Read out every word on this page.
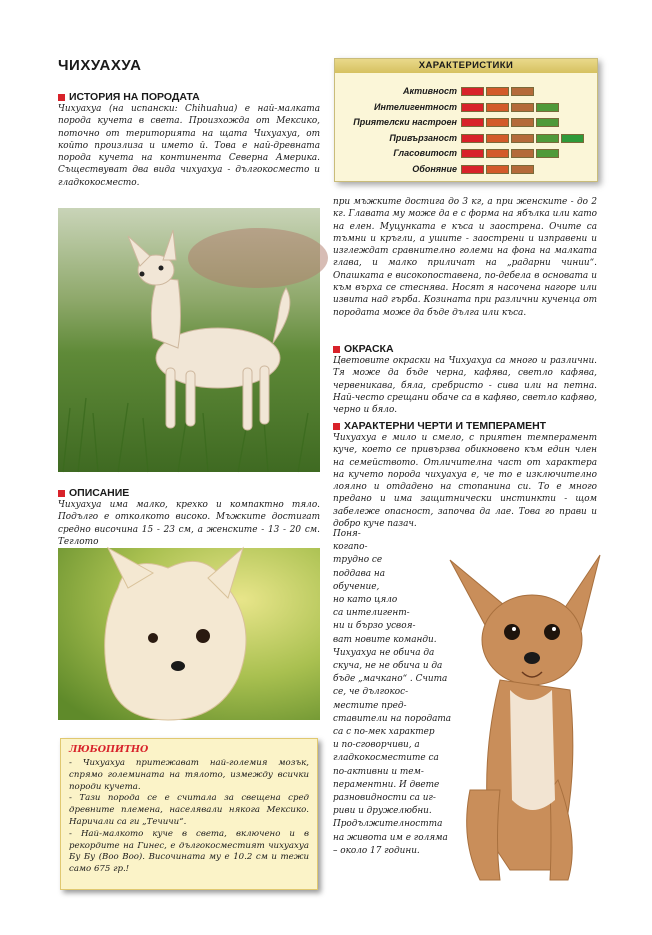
ЧИХУАХУА
ИСТОРИЯ НА ПОРОДАТА
Чихуахуа (на испански: Chihuahua) е най-малката порода кучета в света. Произхожда от Мексико, поточно от територията на щата Чихуахуа, от който произлиза и името й. Това е най-древната порода кучета на континента Северна Америка. Съществуват два вида чихуахуа - дългокосместо и гладкокосместо.
ХАРАКТЕРИСТИКИ
Активност
Интелигентност
Приятелски настроен
Привързаност
Гласовитост
Обоняние
ОПИСАНИЕ
Чихуахуа има малко, крехко и компактно тяло. Подълго е отколкото високо. Мъжките достигат средно височина 15 - 23 см, а женските - 13 - 20 см. Теглото
ЛЮБОПИТНО
- Чихуахуа притежават най-големия мозък, спрямо големината на тялото, измежду всички породи кучета.
- Тази порода се е считала за свещена сред древните племена, населявали някога Мексико. Наричали са ги „Течичи“.
- Най-малкото куче в света, включено и в рекордите на Гинес, е дългокосместият чихуахуа Бу Бу (Boo Boo). Височината му е 10.2 см и тежи само 675 гр.!
при мъжките достига до 3 кг, а при женските - до 2 кг. Главата му може да е с форма на ябълка или като на елен. Муцунката е къса и заострена. Очите са тъмни и кръгли, а ушите - заострени и изправени и изглеждат сравнително големи на фона на малката глава, и малко приличат на „радарни чинии“. Опашката е високопоставена, по-дебела в основата и към върха се стеснява. Носят я насочена нагоре или извита над гърба. Козината при различни кученца от породата може да бъде дълга или къса.
ОКРАСКА
Цветовите окраски на Чихуахуа са много и различни. Тя може да бъде черна, кафява, светло кафява, червеникава, бяла, сребристо - сива или на петна. Най-често срещани обаче са в кафяво, светло кафяво, черно и бяло.
ХАРАКТЕРНИ ЧЕРТИ И ТЕМПЕРАМЕНТ
Чихуахуа е мило и смело, с приятен темперамент куче, което се привързва обикновено към един член на семейството. Отличителна част от характера на кучето порода чихуахуа е, че то е изключително лоялно и отдадено на стопанина си. То е много предано и има защитнически инстинкти - щом забележе опасност, започва да лае. Това го прави и добро куче пазач.
Поня-
когапо-
трудно се
поддава на
обучение,
но като цяло
са интелигент-
ни и бързо усвоя-
ват новите команди.
Чихуахуа не обича да
скуча, не не обича и да
бъде „мачкано“ . Счита
се, че дългокос-
местите пред-
ставители на породата
са с по-мек характер
и по-сговорчиви, а
гладкокосместите са
по-активни и тем-
пераментни. И двете
разновидности са иг-
риви и дружелюбни.
Продължителността
на живота им е голяма
– около 17 години.
